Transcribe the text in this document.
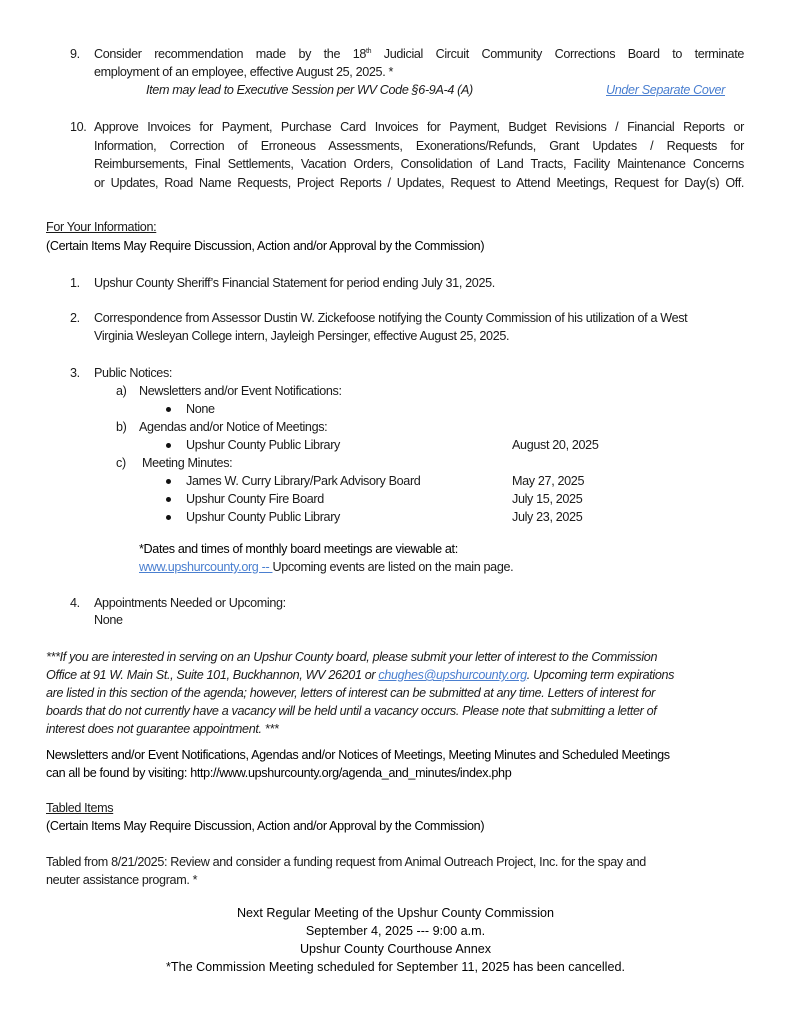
9. Consider recommendation made by the 18th Judicial Circuit Community Corrections Board to terminate
employment of an employee, effective August 25, 2025. *
Item may lead to Executive Session per WV Code §6-9A-4 (A)	Under Separate Cover
10. Approve Invoices for Payment, Purchase Card Invoices for Payment, Budget Revisions / Financial Reports or
Information, Correction of Erroneous Assessments, Exonerations/Refunds, Grant Updates / Requests for
Reimbursements, Final Settlements, Vacation Orders, Consolidation of Land Tracts, Facility Maintenance Concerns
or Updates, Road Name Requests, Project Reports / Updates, Request to Attend Meetings, Request for Day(s) Off.
For Your Information:
(Certain Items May Require Discussion, Action and/or Approval by the Commission)
1. Upshur County Sheriff’s Financial Statement for period ending July 31, 2025.
2. Correspondence from Assessor Dustin W. Zickefoose notifying the County Commission of his utilization of a West
Virginia Wesleyan College intern, Jayleigh Persinger, effective August 25, 2025.
3. Public Notices:
a) Newsletters and/or Event Notifications:
None
b) Agendas and/or Notice of Meetings:
Upshur County Public Library	August 20, 2025
c) Meeting Minutes:
James W. Curry Library/Park Advisory Board	May 27, 2025
Upshur County Fire Board	July 15, 2025
Upshur County Public Library	July 23, 2025
*Dates and times of monthly board meetings are viewable at:
www.upshurcounty.org -- Upcoming events are listed on the main page.
4. Appointments Needed or Upcoming:
None
***If you are interested in serving on an Upshur County board, please submit your letter of interest to the Commission
Office at 91 W. Main St., Suite 101, Buckhannon, WV 26201 or chughes@upshurcounty.org. Upcoming term expirations
are listed in this section of the agenda; however, letters of interest can be submitted at any time. Letters of interest for
boards that do not currently have a vacancy will be held until a vacancy occurs. Please note that submitting a letter of
interest does not guarantee appointment. ***
Newsletters and/or Event Notifications, Agendas and/or Notices of Meetings, Meeting Minutes and Scheduled Meetings
can all be found by visiting: http://www.upshurcounty.org/agenda_and_minutes/index.php
Tabled Items
(Certain Items May Require Discussion, Action and/or Approval by the Commission)
Tabled from 8/21/2025: Review and consider a funding request from Animal Outreach Project, Inc. for the spay and
neuter assistance program. *
Next Regular Meeting of the Upshur County Commission
September 4, 2025 --- 9:00 a.m.
Upshur County Courthouse Annex
*The Commission Meeting scheduled for September 11, 2025 has been cancelled.
